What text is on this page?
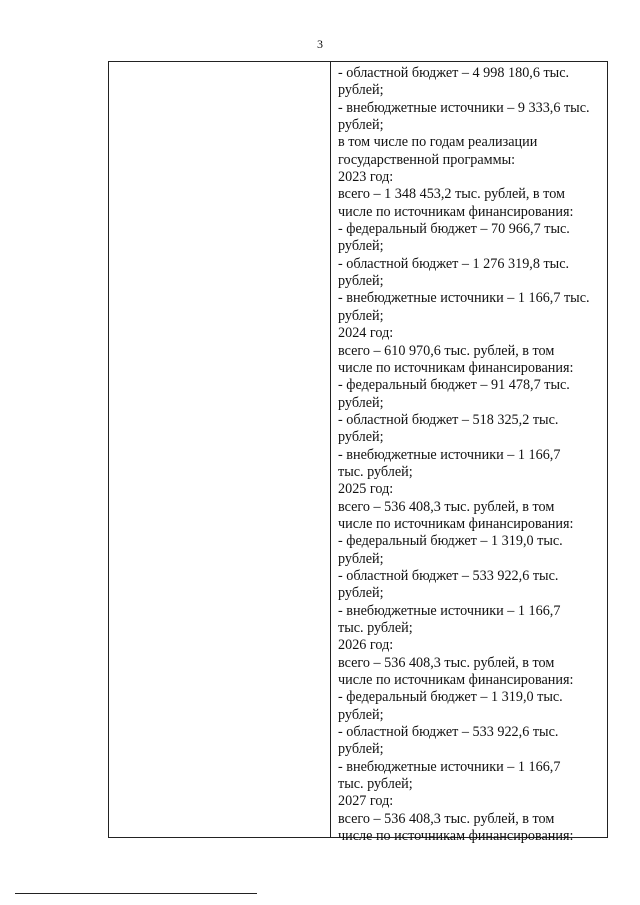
3
- областной бюджет – 4 998 180,6 тыс.
рублей;
- внебюджетные источники – 9 333,6 тыс.
рублей;
в том числе по годам реализации
государственной программы:
2023 год:
всего – 1 348 453,2 тыс. рублей, в том
числе по источникам финансирования:
- федеральный бюджет – 70 966,7 тыс.
рублей;
- областной бюджет – 1 276 319,8 тыс.
рублей;
- внебюджетные источники – 1 166,7 тыс.
рублей;
2024 год:
всего – 610 970,6 тыс. рублей, в том
числе по источникам финансирования:
- федеральный бюджет – 91 478,7 тыс.
рублей;
- областной бюджет – 518 325,2 тыс.
рублей;
- внебюджетные источники – 1 166,7
тыс. рублей;
2025 год:
всего – 536 408,3 тыс. рублей, в том
числе по источникам финансирования:
- федеральный бюджет – 1 319,0 тыс.
рублей;
- областной бюджет – 533 922,6 тыс.
рублей;
- внебюджетные источники – 1 166,7
тыс. рублей;
2026 год:
всего – 536 408,3 тыс. рублей, в том
числе по источникам финансирования:
- федеральный бюджет – 1 319,0 тыс.
рублей;
- областной бюджет – 533 922,6 тыс.
рублей;
- внебюджетные источники – 1 166,7
тыс. рублей;
2027 год:
всего – 536 408,3 тыс. рублей, в том
числе по источникам финансирования:
